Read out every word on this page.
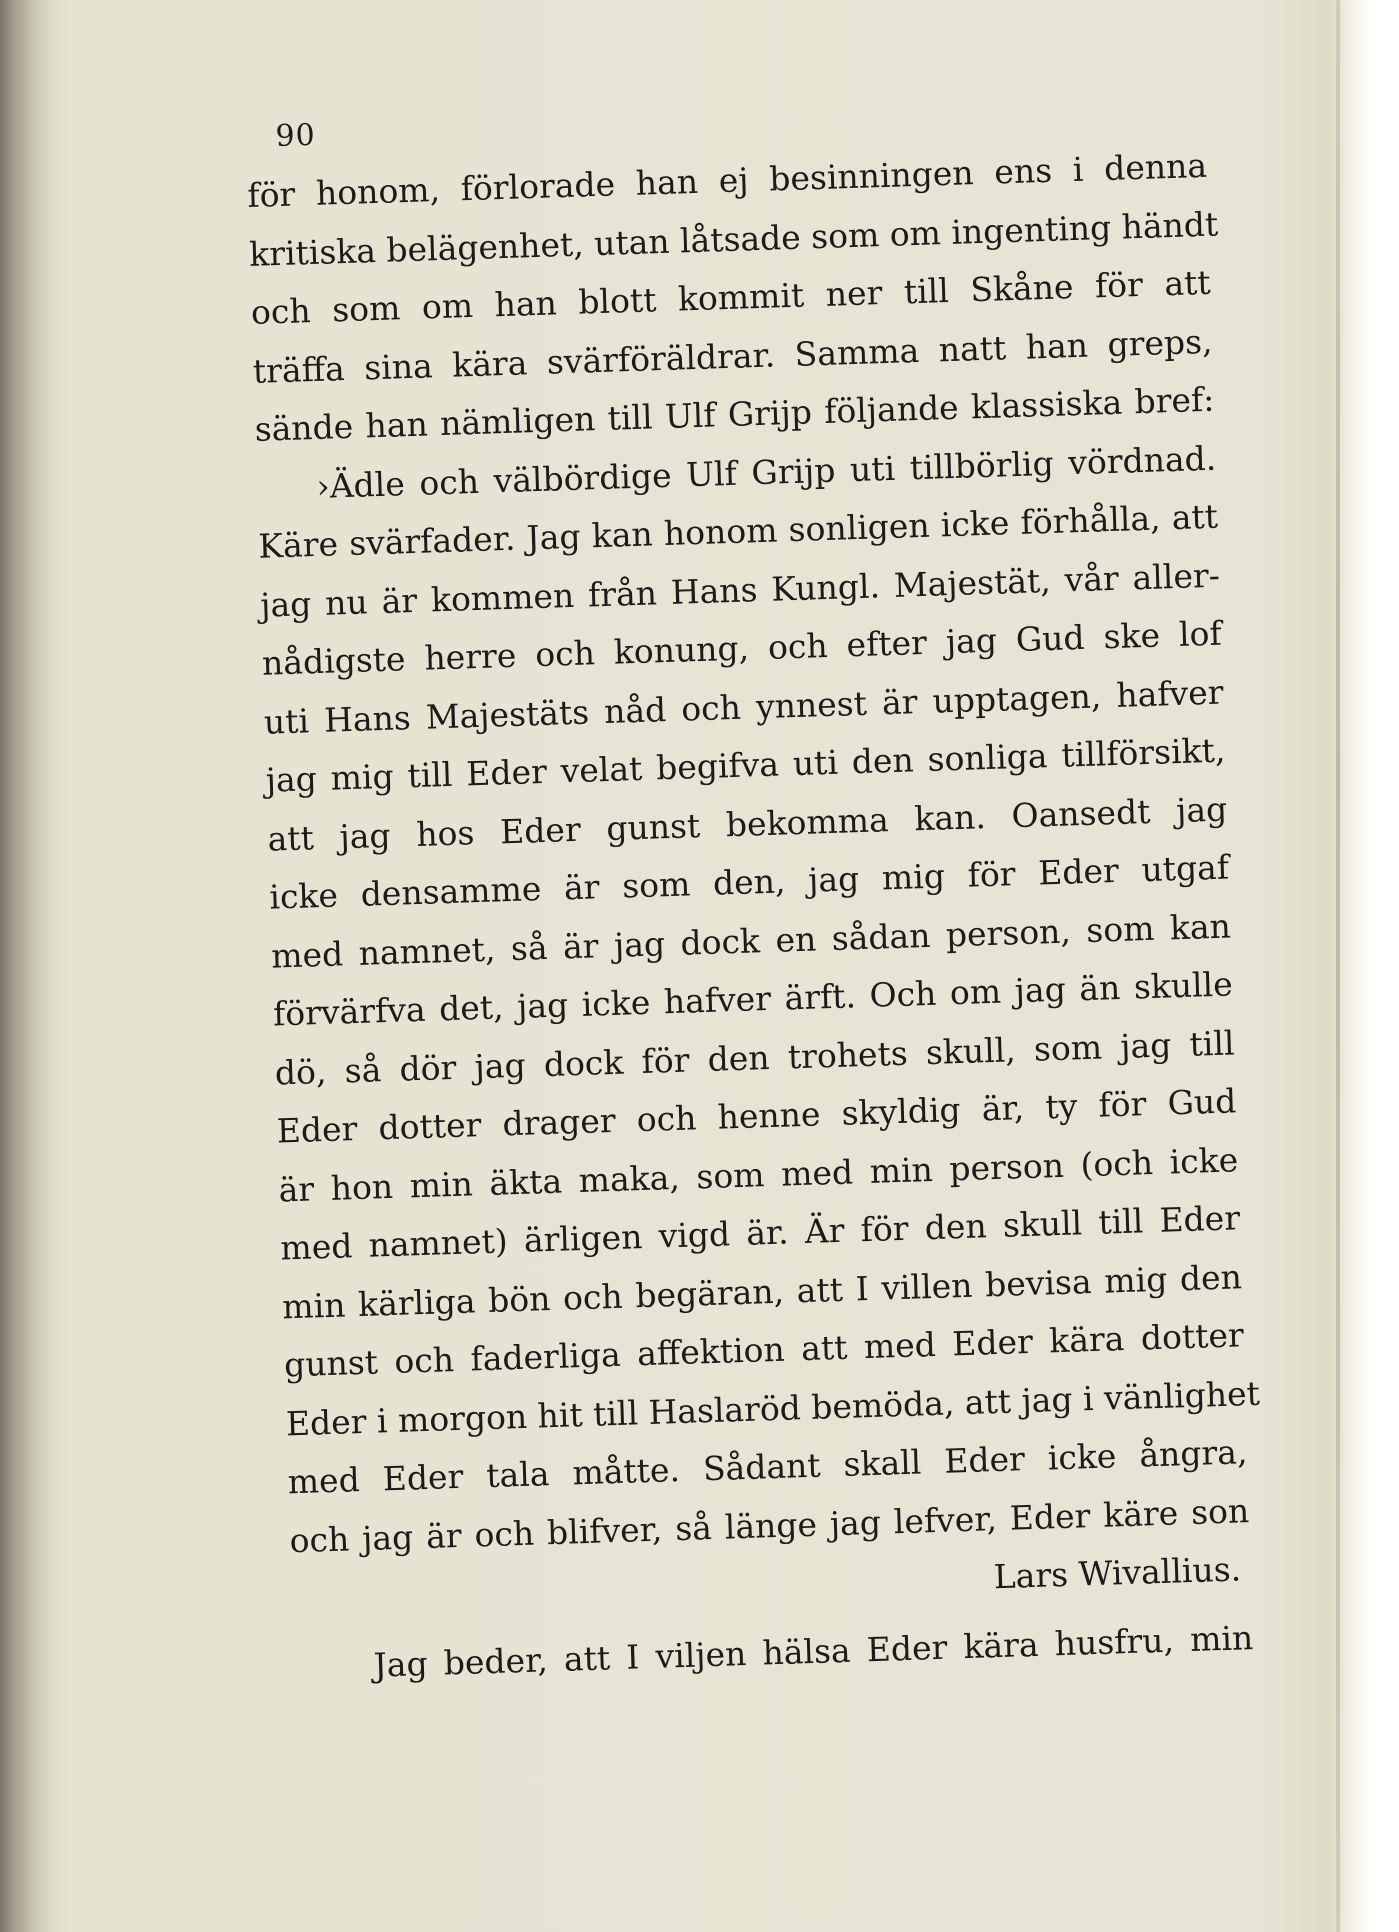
90
för honom, förlorade han ej besinningen ens i denna
kritiska belägenhet, utan låtsade som om ingenting händt
och som om han blott kommit ner till Skåne för att
träffa sina kära svärföräldrar. Samma natt han greps,
sände han nämligen till Ulf Grijp följande klassiska bref:
›Ädle och välbördige Ulf Grijp uti tillbörlig vördnad.
Käre svärfader. Jag kan honom sonligen icke förhålla, att
jag nu är kommen från Hans Kungl. Majestät, vår aller-
nådigste herre och konung, och efter jag Gud ske lof
uti Hans Majestäts nåd och ynnest är upptagen, hafver
jag mig till Eder velat begifva uti den sonliga tillförsikt,
att jag hos Eder gunst bekomma kan. Oansedt jag
icke densamme är som den, jag mig för Eder utgaf
med namnet, så är jag dock en sådan person, som kan
förvärfva det, jag icke hafver ärft. Och om jag än skulle
dö, så dör jag dock för den trohets skull, som jag till
Eder dotter drager och henne skyldig är, ty för Gud
är hon min äkta maka, som med min person (och icke
med namnet) ärligen vigd är. Är för den skull till Eder
min kärliga bön och begäran, att I villen bevisa mig den
gunst och faderliga affektion att med Eder kära dotter
Eder i morgon hit till Haslaröd bemöda, att jag i vänlighet
med Eder tala måtte. Sådant skall Eder icke ångra,
och jag är och blifver, så länge jag lefver, Eder käre son
Lars Wivallius.
Jag beder, att I viljen hälsa Eder kära husfru, min
